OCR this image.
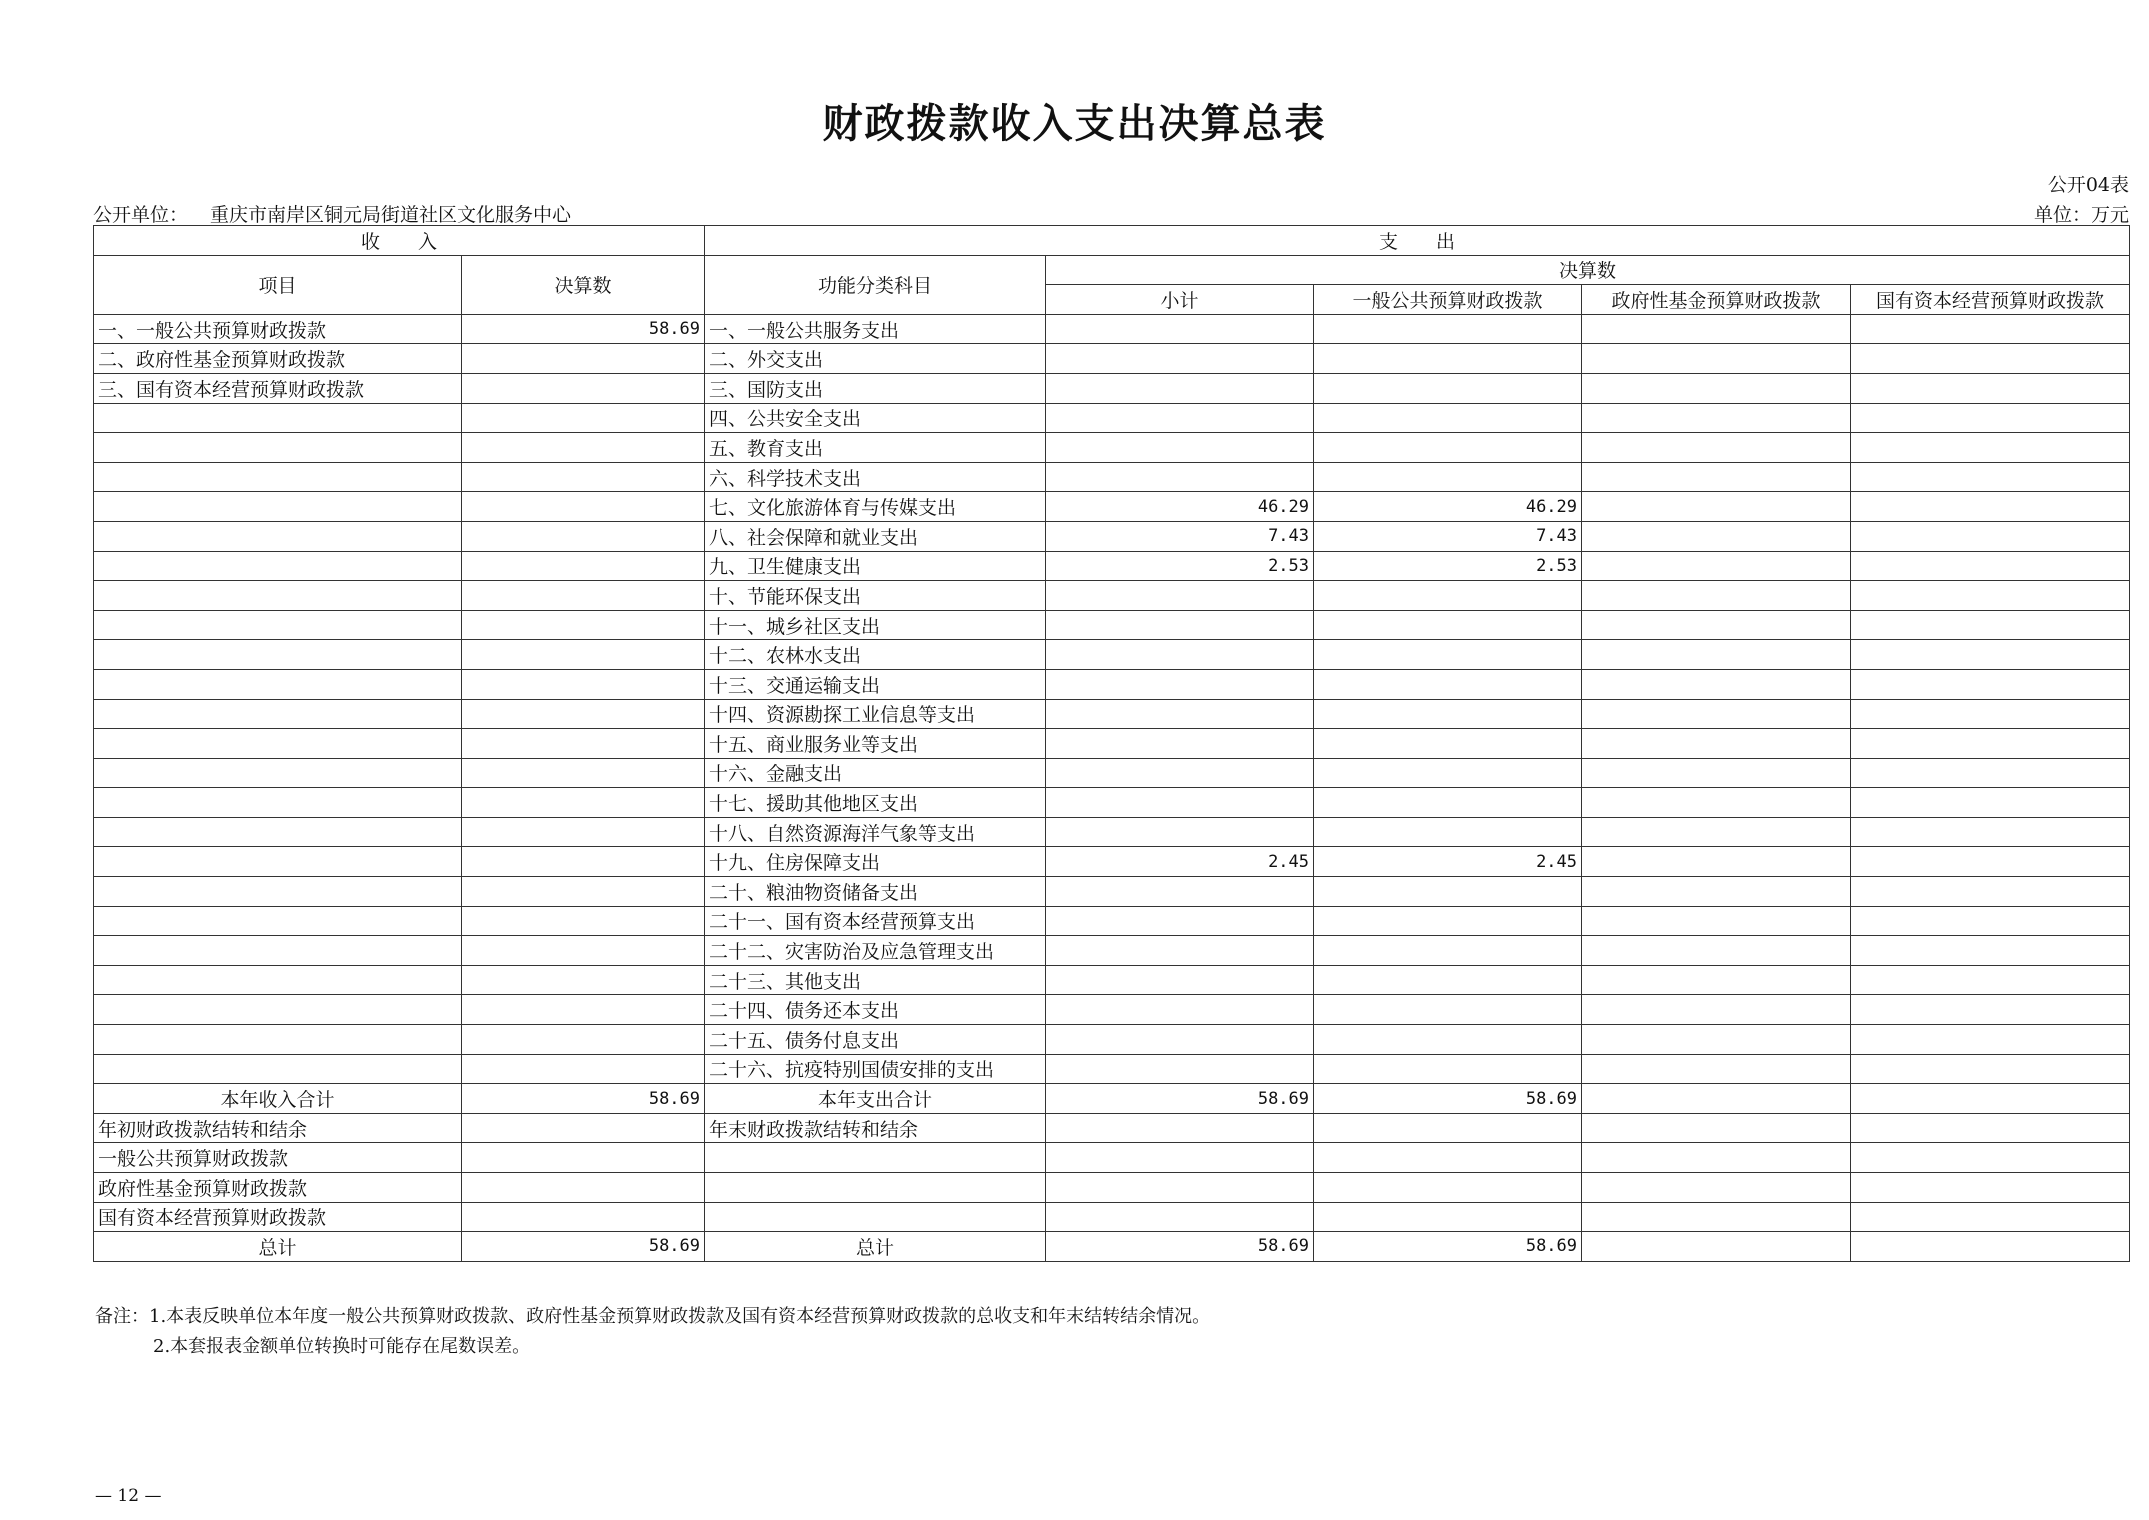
财政拨款收入支出决算总表
公开04表
公开单位： 重庆市南岸区铜元局街道社区文化服务中心	单位：万元
收　　入		支　　出				
项目	决算数	功能分类科目	决算数			
			小计	一般公共预算财政拨款	政府性基金预算财政拨款	国有资本经营预算财政拨款
一、一般公共预算财政拨款	58.69	一、一般公共服务支出				
二、政府性基金预算财政拨款		二、外交支出				
三、国有资本经营预算财政拨款		三、国防支出				
		四、公共安全支出				
		五、教育支出				
		六、科学技术支出				
		七、文化旅游体育与传媒支出	46.29	46.29		
		八、社会保障和就业支出	7.43	7.43		
		九、卫生健康支出	2.53	2.53		
		十、节能环保支出				
		十一、城乡社区支出				
		十二、农林水支出				
		十三、交通运输支出				
		十四、资源勘探工业信息等支出				
		十五、商业服务业等支出				
		十六、金融支出				
		十七、援助其他地区支出				
		十八、自然资源海洋气象等支出				
		十九、住房保障支出	2.45	2.45		
		二十、粮油物资储备支出				
		二十一、国有资本经营预算支出				
		二十二、灾害防治及应急管理支出				
		二十三、其他支出				
		二十四、债务还本支出				
		二十五、债务付息支出				
		二十六、抗疫特别国债安排的支出				
本年收入合计	58.69	本年支出合计	58.69	58.69		
年初财政拨款结转和结余		年末财政拨款结转和结余				
一般公共预算财政拨款						
政府性基金预算财政拨款						
国有资本经营预算财政拨款						
总计	58.69	总计	58.69	58.69		
备注：1.本表反映单位本年度一般公共预算财政拨款、政府性基金预算财政拨款及国有资本经营预算财政拨款的总收支和年末结转结余情况。
2.本套报表金额单位转换时可能存在尾数误差。
— 12 —
